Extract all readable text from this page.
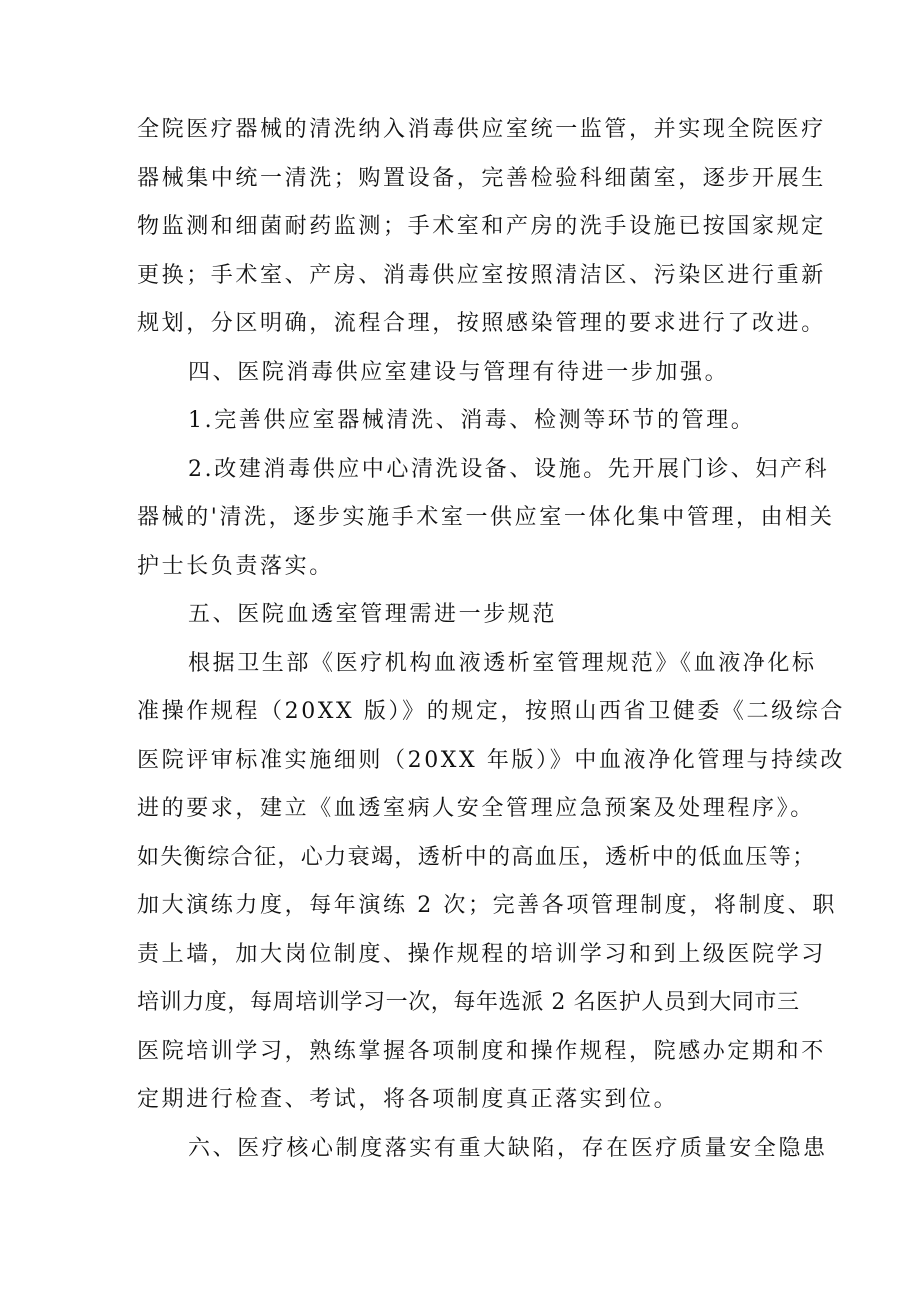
全院医疗器械的清洗纳入消毒供应室统一监管，并实现全院医疗
器械集中统一清洗；购置设备，完善检验科细菌室，逐步开展生
物监测和细菌耐药监测；手术室和产房的洗手设施已按国家规定
更换；手术室、产房、消毒供应室按照清洁区、污染区进行重新
规划，分区明确，流程合理，按照感染管理的要求进行了改进。
四、医院消毒供应室建设与管理有待进一步加强。
1.完善供应室器械清洗、消毒、检测等环节的管理。
2.改建消毒供应中心清洗设备、设施。先开展门诊、妇产科
器械的'清洗，逐步实施手术室一供应室一体化集中管理，由相关
护士长负责落实。
五、医院血透室管理需进一步规范
根据卫生部《医疗机构血液透析室管理规范》《血液净化标
准操作规程（20XX 版）》的规定，按照山西省卫健委《二级综合
医院评审标准实施细则（20XX 年版）》中血液净化管理与持续改
进的要求，建立《血透室病人安全管理应急预案及处理程序》。
如失衡综合征，心力衰竭，透析中的高血压，透析中的低血压等；
加大演练力度，每年演练 2 次；完善各项管理制度，将制度、职
责上墙，加大岗位制度、操作规程的培训学习和到上级医院学习
培训力度，每周培训学习一次，每年选派 2 名医护人员到大同市三
医院培训学习，熟练掌握各项制度和操作规程，院感办定期和不
定期进行检查、考试，将各项制度真正落实到位。
六、医疗核心制度落实有重大缺陷，存在医疗质量安全隐患
